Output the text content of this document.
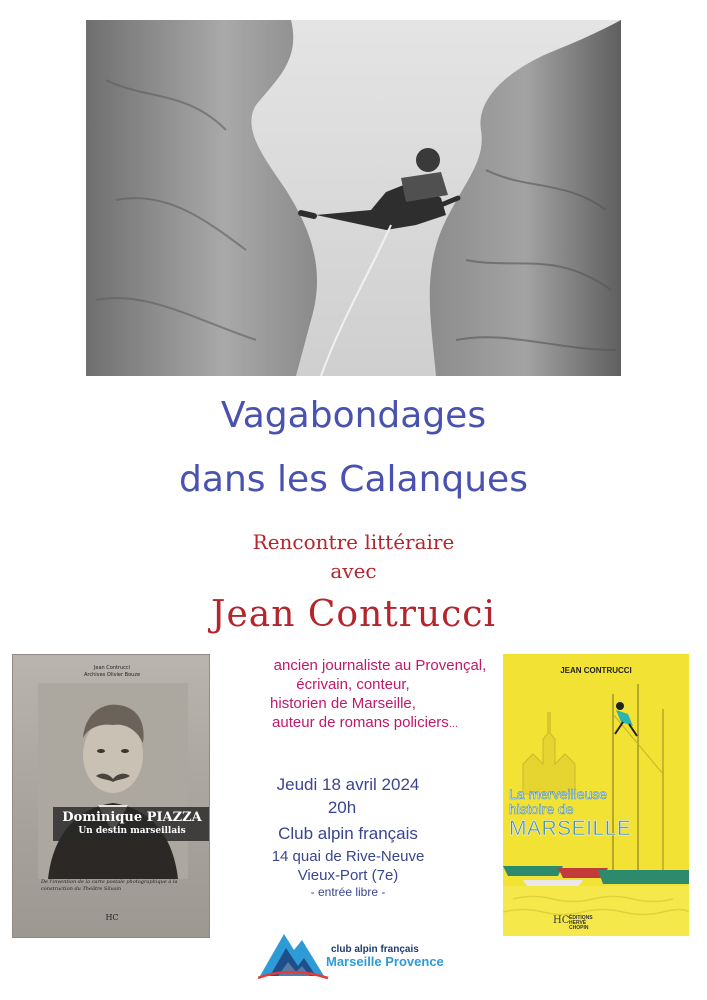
Vagabondages
dans les Calanques
Rencontre littéraire
avec
Jean Contrucci
ancien journaliste au Provençal,
écrivain, conteur,
historien de Marseille,
auteur de romans policiers...
Jeudi 18 avril 2024
20h
Club alpin français
14 quai de Rive-Neuve
Vieux-Port (7e)
- entrée libre -
Jean Contrucci
Archives Olivier Bouze
Dominique PIAZZA
Un destin marseillais
De l'invention de la carte postale photographique à la construction du Théâtre Silvain
HC
JEAN CONTRUCCI
La merveilleuse
histoire de
MARSEILLE
HC ÉDITIONS
HERVÉ
CHOPIN
club alpin français
Marseille Provence
